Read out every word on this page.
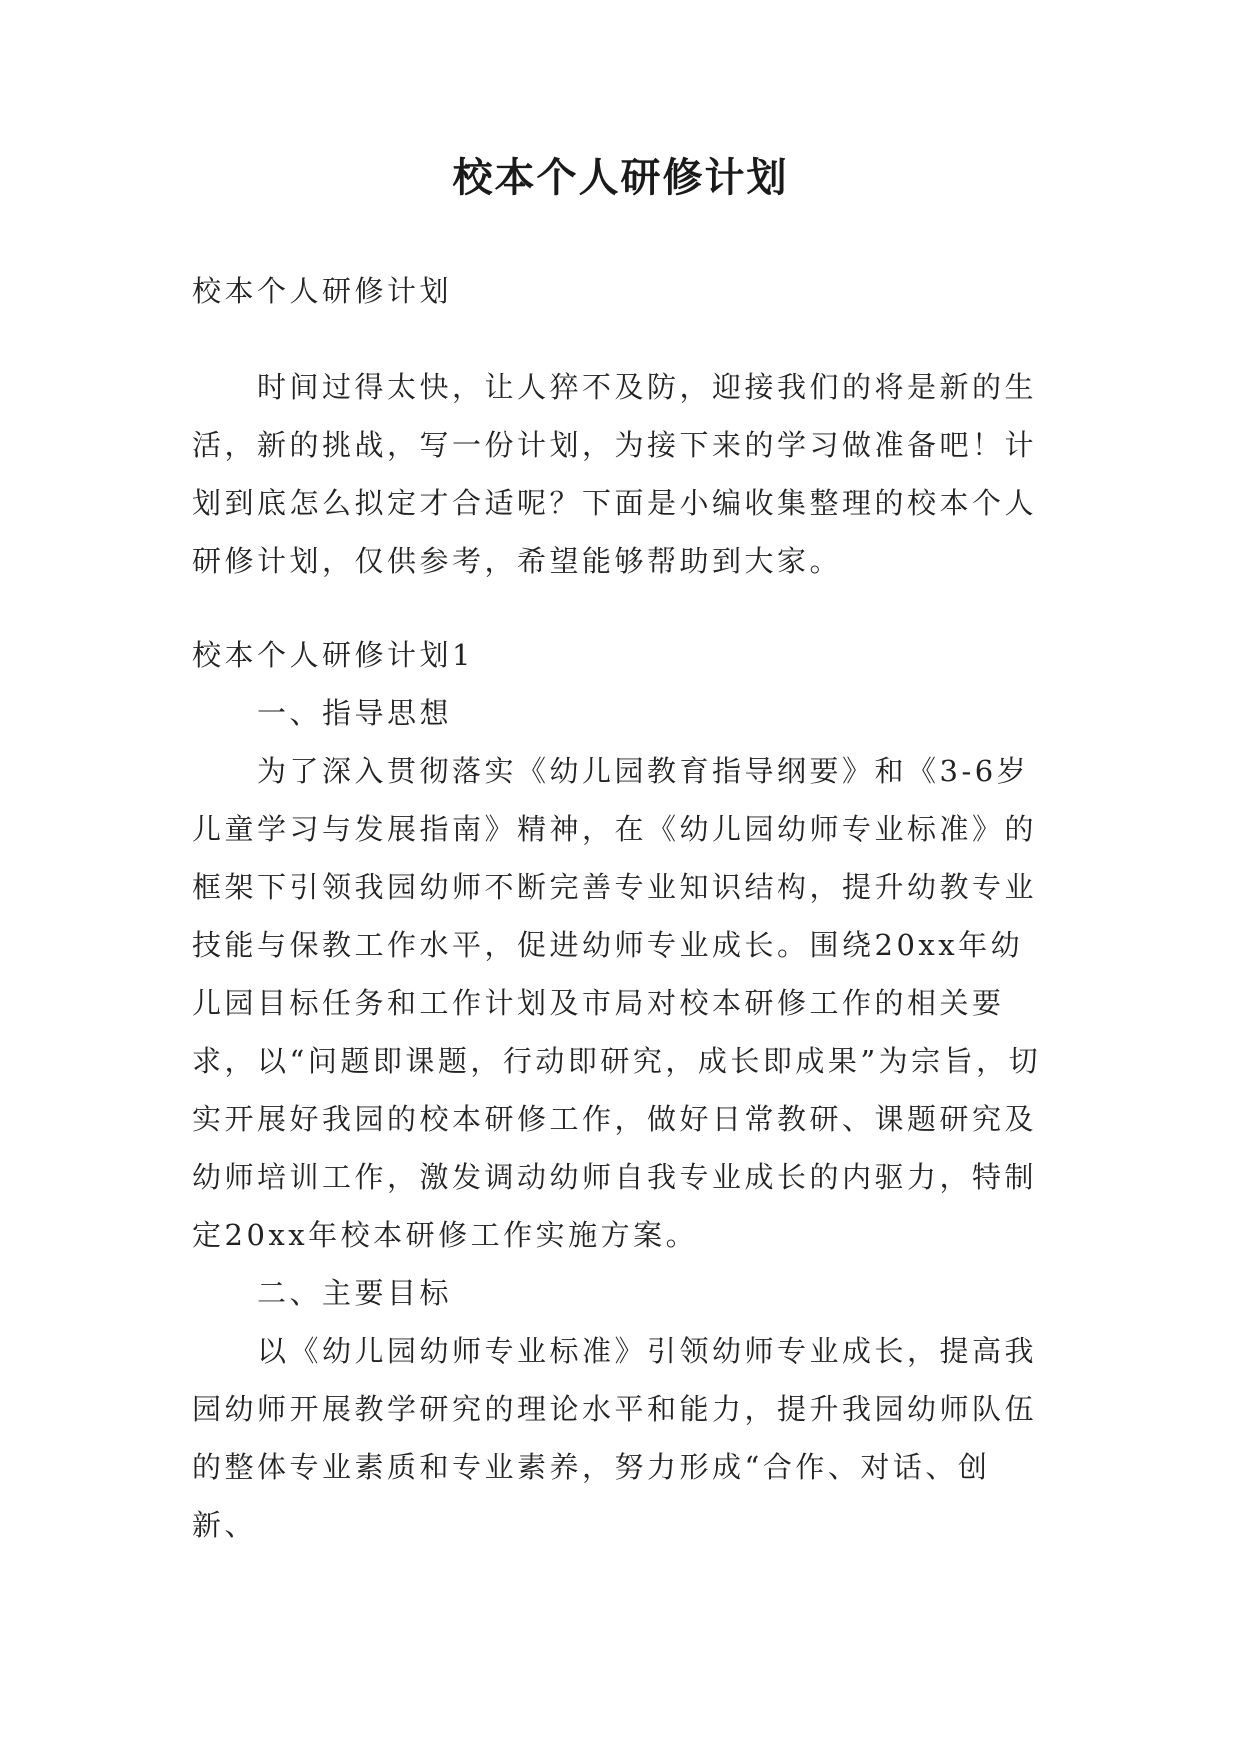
校本个人研修计划

校本个人研修计划

时间过得太快，让人猝不及防，迎接我们的将是新的生活，新的挑战，写一份计划，为接下来的学习做准备吧！计划到底怎么拟定才合适呢？下面是小编收集整理的校本个人研修计划，仅供参考，希望能够帮助到大家。

校本个人研修计划1

一、指导思想

为了深入贯彻落实《幼儿园教育指导纲要》和《3-6岁儿童学习与发展指南》精神，在《幼儿园幼师专业标准》的框架下引领我园幼师不断完善专业知识结构，提升幼教专业技能与保教工作水平，促进幼师专业成长。围绕20xx年幼儿园目标任务和工作计划及市局对校本研修工作的相关要求，以“问题即课题，行动即研究，成长即成果”为宗旨，切实开展好我园的校本研修工作，做好日常教研、课题研究及幼师培训工作，激发调动幼师自我专业成长的内驱力，特制定20xx年校本研修工作实施方案。

二、主要目标

以《幼儿园幼师专业标准》引领幼师专业成长，提高我园幼师开展教学研究的理论水平和能力，提升我园幼师队伍的整体专业素质和专业素养，努力形成“合作、对话、创新、
